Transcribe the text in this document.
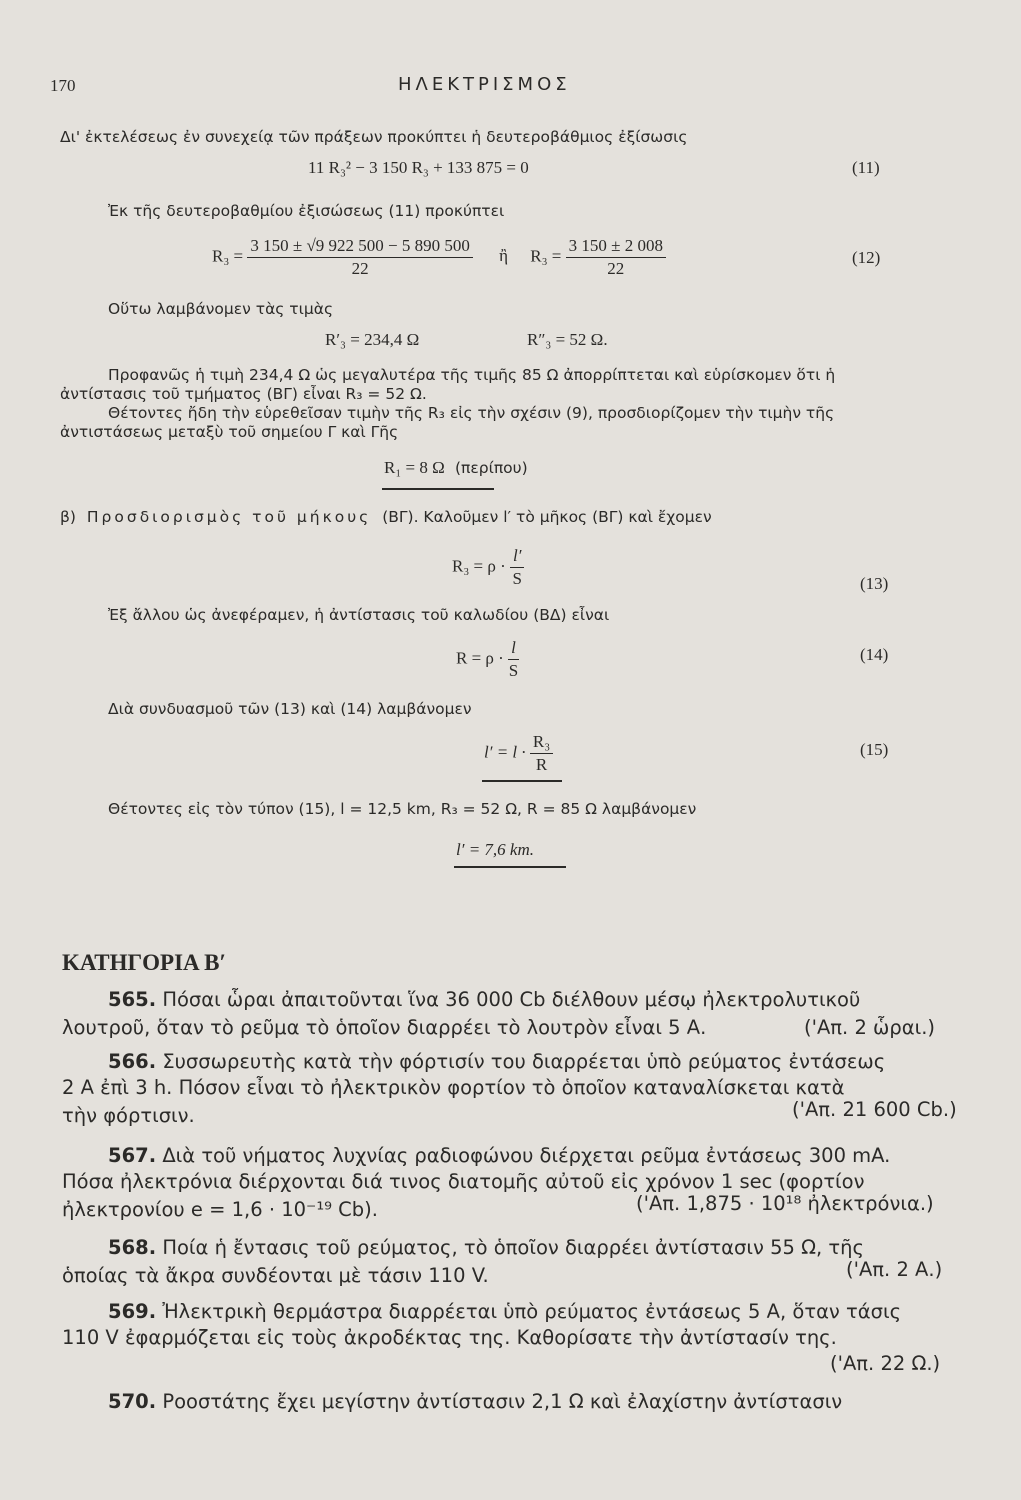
170	ΗΛΕΚΤΡΙΣΜΟΣ
Δι' ἐκτελέσεως ἐν συνεχείᾳ τῶν πράξεων προκύπτει ἡ δευτεροβάθμιος ἐξίσωσις
11 R₃² − 3 150 R₃ + 133 875 = 0	(11)
Ἐκ τῆς δευτεροβαθμίου ἐξισώσεως (11) προκύπτει
$R_3 = \frac{3 150 \pm √9 922 500 - 5 890 500}{22}$ ἢ $R_3 = \frac{3 150 \pm 2 008}{22}$	(12)
Οὕτω λαμβάνομεν τὰς τιμὰς
R′₃ = 234,4 Ω	R″₃ = 52 Ω.
Προφανῶς ἡ τιμὴ 234,4 Ω ὡς μεγαλυτέρα τῆς τιμῆς 85 Ω ἀπορρίπτεται καὶ εὑρίσκομεν ὅτι ἡ
ἀντίστασις τοῦ τμήματος (ΒΓ) εἶναι R₃ = 52 Ω.
Θέτοντες ἤδη τὴν εὑρεθεῖσαν τιμὴν τῆς R₃ εἰς τὴν σχέσιν (9), προσδιορίζομεν τὴν τιμὴν τῆς
ἀντιστάσεως μεταξὺ τοῦ σημείου Γ καὶ Γῆς
R₁ = 8 Ω (περίπου)
β) Προσδιορισμὸς τοῦ μήκους (ΒΓ). Καλοῦμεν l′ τὸ μῆκος (ΒΓ) καὶ ἔχομεν
$R_3 = \rho \cdot \frac{l'}{S}$	(13)
Ἐξ ἄλλου ὡς ἀνεφέραμεν, ἡ ἀντίστασις τοῦ καλωδίου (ΒΔ) εἶναι
$R = \rho \cdot \frac{l}{S}$	(14)
Διὰ συνδυασμοῦ τῶν (13) καὶ (14) λαμβάνομεν
$l' = l \cdot \frac{\text{R₃}}{R}$	(15)
Θέτοντες εἰς τὸν τύπον (15), l = 12,5 km, R₃ = 52 Ω, R = 85 Ω λαμβάνομεν
l′ = 7,6 km.
ΚΑΤΗΓΟΡΙΑ Β′
565. Πόσαι ὧραι ἀπαιτοῦνται ἵνα 36 000 Cb διέλθουν μέσῳ ἠλεκτρολυτικοῦ
λουτροῦ, ὅταν τὸ ρεῦμα τὸ ὁποῖον διαρρέει τὸ λουτρὸν εἶναι 5 Α.	('Απ. 2 ὧραι.)
566. Συσσωρευτὴς κατὰ τὴν φόρτισίν του διαρρέεται ὑπὸ ρεύματος ἐντάσεως
2 Α ἐπὶ 3 h. Πόσον εἶναι τὸ ἠλεκτρικὸν φορτίον τὸ ὁποῖον καταναλίσκεται κατὰ
τὴν φόρτισιν.	('Απ. 21 600 Cb.)
567. Διὰ τοῦ νήματος λυχνίας ραδιοφώνου διέρχεται ρεῦμα ἐντάσεως 300 mA.
Πόσα ἠλεκτρόνια διέρχονται διά τινος διατομῆς αὐτοῦ εἰς χρόνον 1 sec (φορτίον
ἠλεκτρονίου e = 1,6 · 10⁻¹⁹ Cb).	('Απ. 1,875 · 10¹⁸ ἠλεκτρόνια.)
568. Ποία ἡ ἔντασις τοῦ ρεύματος, τὸ ὁποῖον διαρρέει ἀντίστασιν 55 Ω, τῆς
ὁποίας τὰ ἄκρα συνδέονται μὲ τάσιν 110 V.	('Απ. 2 Α.)
569. Ἠλεκτρικὴ θερμάστρα διαρρέεται ὑπὸ ρεύματος ἐντάσεως 5 Α, ὅταν τάσις
110 V ἐφαρμόζεται εἰς τοὺς ἀκροδέκτας της. Καθορίσατε τὴν ἀντίστασίν της.
('Απ. 22 Ω.)
570. Ροοστάτης ἔχει μεγίστην ἀντίστασιν 2,1 Ω καὶ ἐλαχίστην ἀντίστασιν
